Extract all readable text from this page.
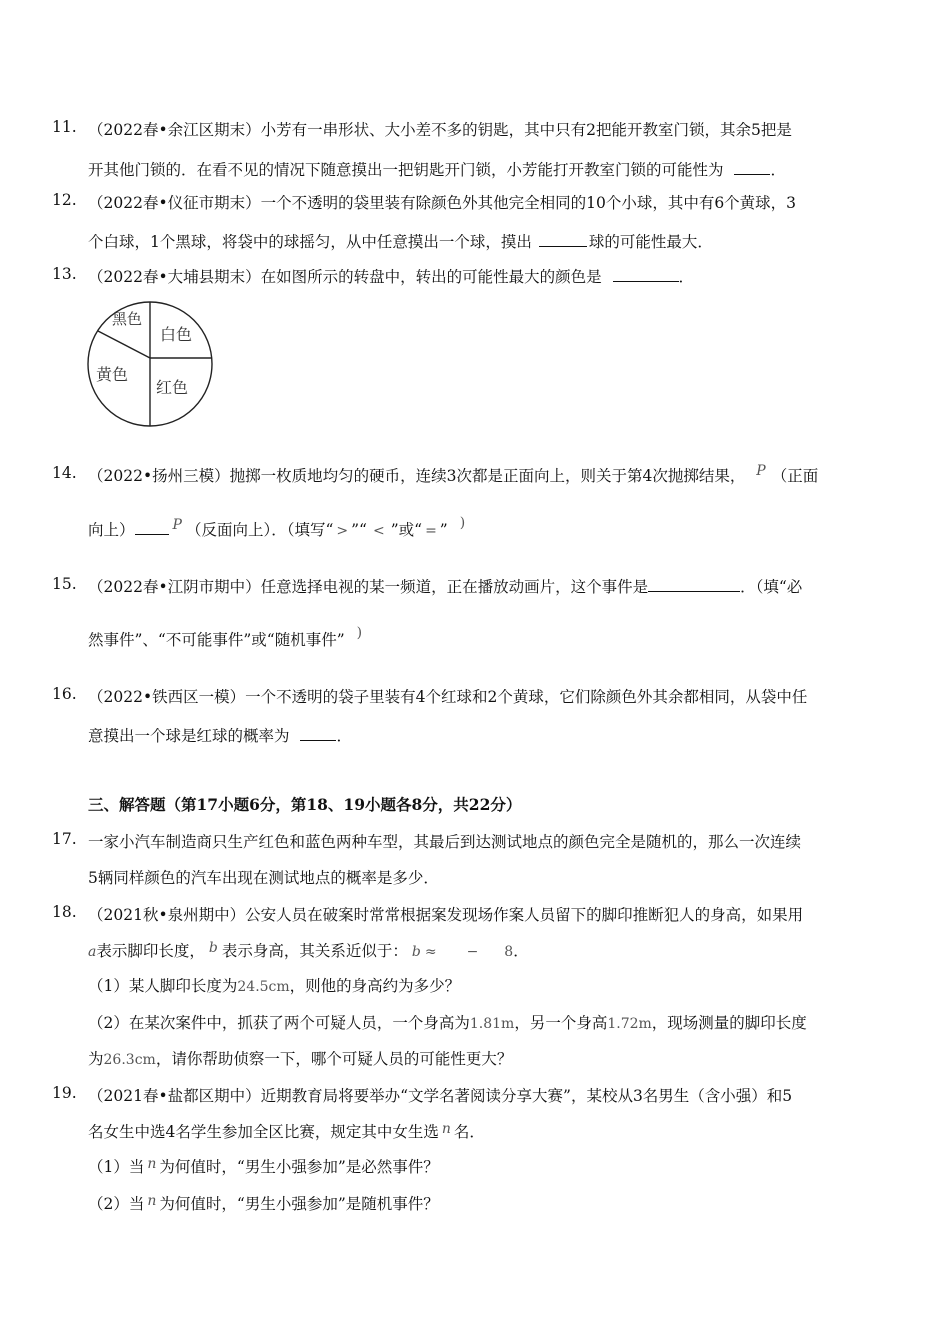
11. （2022春•余江区期末）小芳有一串形状、大小差不多的钥匙，其中只有2把能开教室门锁，其余5把是
开其他门锁的．在看不见的情况下随意摸出一把钥匙开门锁，小芳能打开教室门锁的可能性为	．
12. （2022春•仪征市期末）一个不透明的袋里装有除颜色外其他完全相同的10个小球，其中有6个黄球，3
个白球，1个黑球，将袋中的球摇匀，从中任意摸出一个球，摸出	球的可能性最大．
13. （2022春•大埔县期末）在如图所示的转盘中，转出的可能性最大的颜色是	．
黑色
白色
黄色
红色
14. （2022•扬州三模）抛掷一枚质地均匀的硬币，连续3次都是正面向上，则关于第4次抛掷结果， P （正面
向上）	P （反面向上）．（填写“ > ”“ < ”或“ = ” )
15. （2022春•江阴市期中）任意选择电视的某一频道，正在播放动画片，这个事件是	．（填“必
然事件”、“不可能事件”或“随机事件” )
16. （2022•铁西区一模）一个不透明的袋子里装有4个红球和2个黄球，它们除颜色外其余都相同，从袋中任
意摸出一个球是红球的概率为	．
三、解答题（第17小题6分，第18、19小题各8分，共22分）
17. 一家小汽车制造商只生产红色和蓝色两种车型，其最后到达测试地点的颜色完全是随机的，那么一次连续
5辆同样颜色的汽车出现在测试地点的概率是多少．
18. （2021秋•泉州期中）公安人员在破案时常常根据案发现场作案人员留下的脚印推断犯人的身高，如果用
a表示脚印长度， b 表示身高，其关系近似于： b ≈ − 8．
（1）某人脚印长度为24.5cm，则他的身高约为多少？
（2）在某次案件中，抓获了两个可疑人员，一个身高为1.81m，另一个身高1.72m，现场测量的脚印长度
为26.3cm，请你帮助侦察一下，哪个可疑人员的可能性更大？
19. （2021春•盐都区期中）近期教育局将要举办“文学名著阅读分享大赛”，某校从3名男生（含小强）和5
名女生中选4名学生参加全区比赛，规定其中女生选 n 名．
（1）当 n 为何值时，“男生小强参加”是必然事件？
（2）当 n 为何值时，“男生小强参加”是随机事件？
